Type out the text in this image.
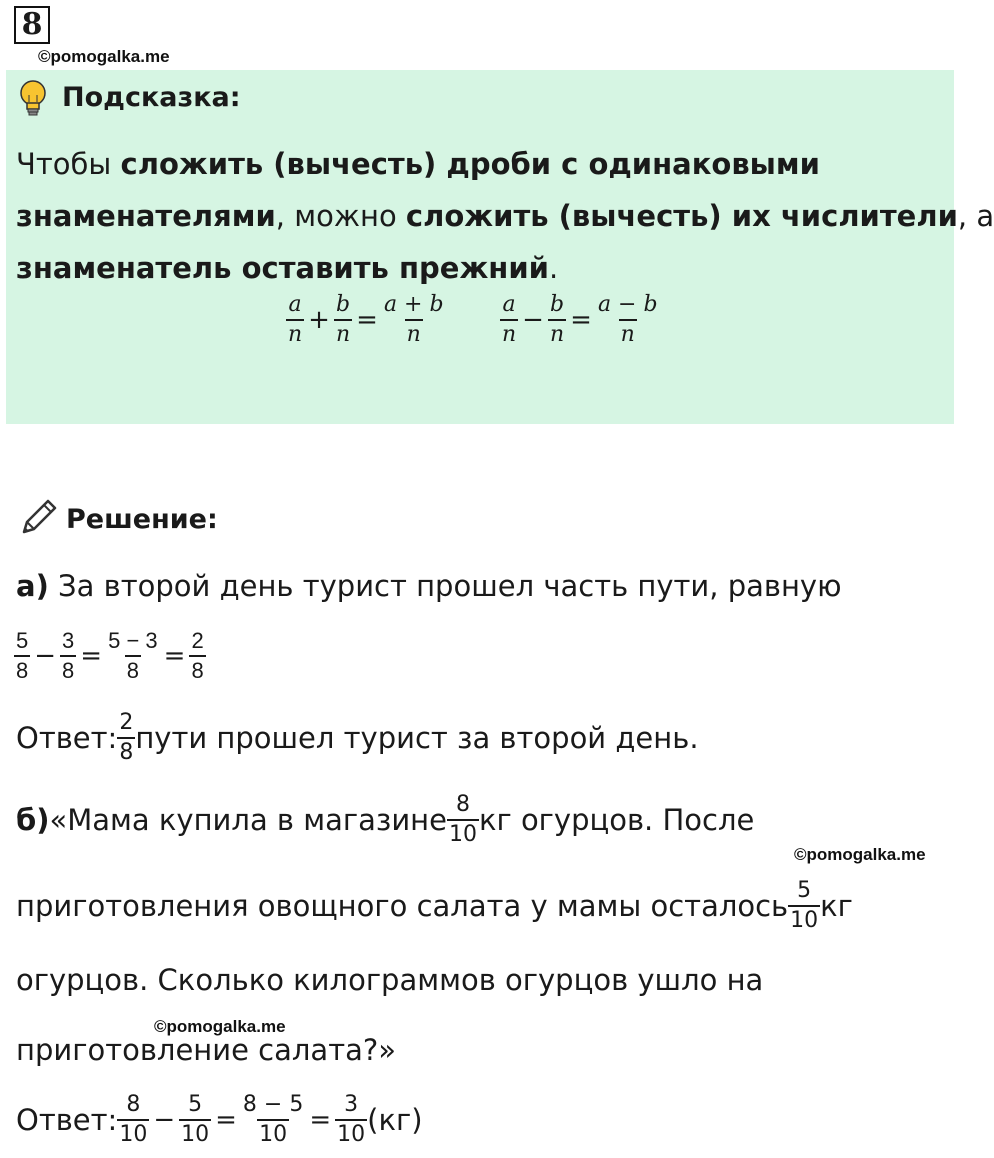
8
©pomogalka.me
Подсказка:
Чтобы сложить (вычесть) дроби с одинаковыми
знаменателями, можно сложить (вычесть) их числители, а
знаменатель оставить прежний.
$\frac{a}{n} + \frac{b}{n} = \frac{a + b}{n} \frac{a}{n} - \frac{b}{n} = \frac{a - b}{n}$
Решение:
а) За второй день турист прошел часть пути, равную
$\frac{5}{8} - \frac{3}{8} = \frac{5 - 3}{8} = \frac{2}{8}$
Ответ: $\frac{2}{8}$ пути прошел турист за второй день.
б) «Мама купила в магазине $\frac{8}{10}$ кг огурцов. После
©pomogalka.me
приготовления овощного салата у мамы осталось $\frac{5}{10}$ кг
огурцов. Сколько килограммов огурцов ушло на
©pomogalka.me
приготовление салата?»
Ответ: $\frac{8}{10} - \frac{5}{10} = \frac{8 - 5}{10} = \frac{3}{10} (кг)$
